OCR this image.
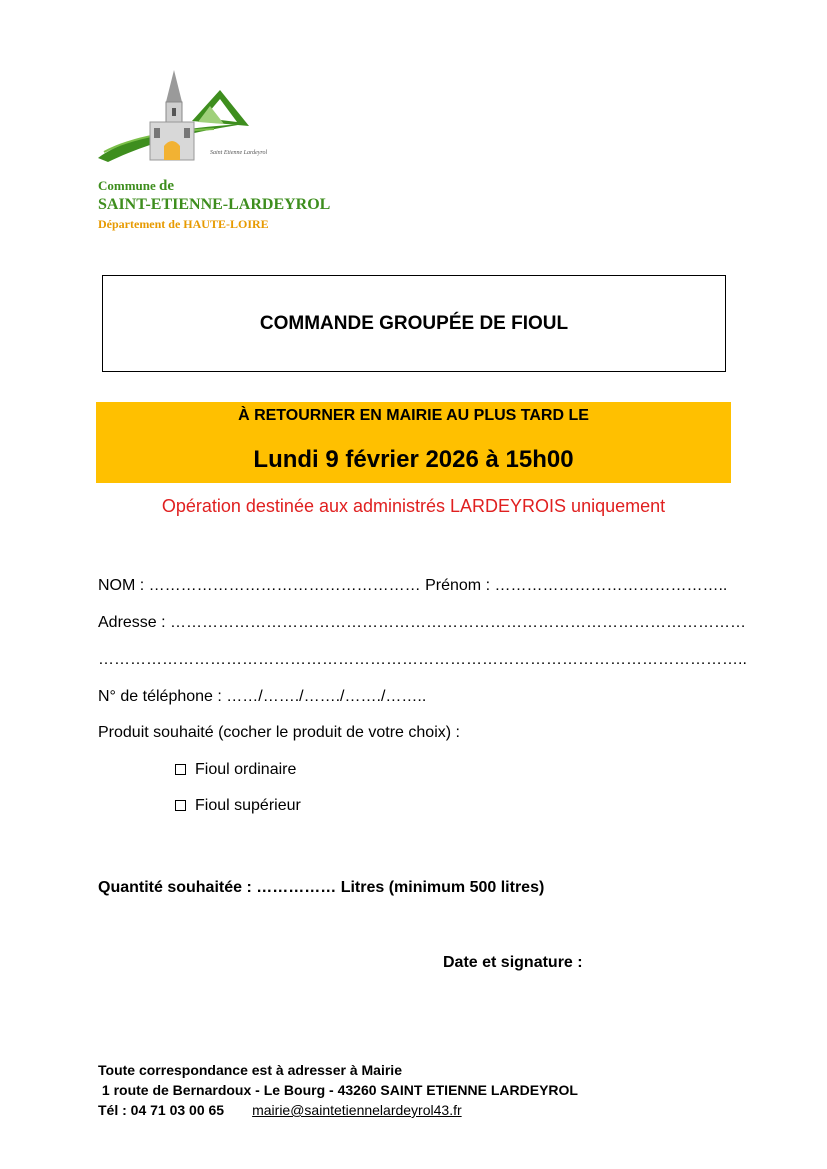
Saint Etienne Lardeyrol
Commune de
SAINT-ETIENNE-LARDEYROL
Département de HAUTE-LOIRE
COMMANDE GROUPÉE DE FIOUL
À RETOURNER EN MAIRIE AU PLUS TARD LE
Lundi 9 février 2026 à 15h00
Opération destinée aux administrés LARDEYROIS uniquement
NOM : …………………………………………… Prénom : ……………………………………..
Adresse : ………………………………………………………………………………………………
…………………………………………………………………………………………………………..
N° de téléphone : ……/……./……./……./……..
Produit souhaité (cocher le produit de votre choix) :
Fioul ordinaire
Fioul supérieur
Quantité souhaitée : …………… Litres (minimum 500 litres)
Date et signature :
Toute correspondance est à adresser à Mairie
1 route de Bernardoux - Le Bourg - 43260 SAINT ETIENNE LARDEYROL
Tél : 04 71 03 00 65 mairie@saintetiennelardeyrol43.fr
